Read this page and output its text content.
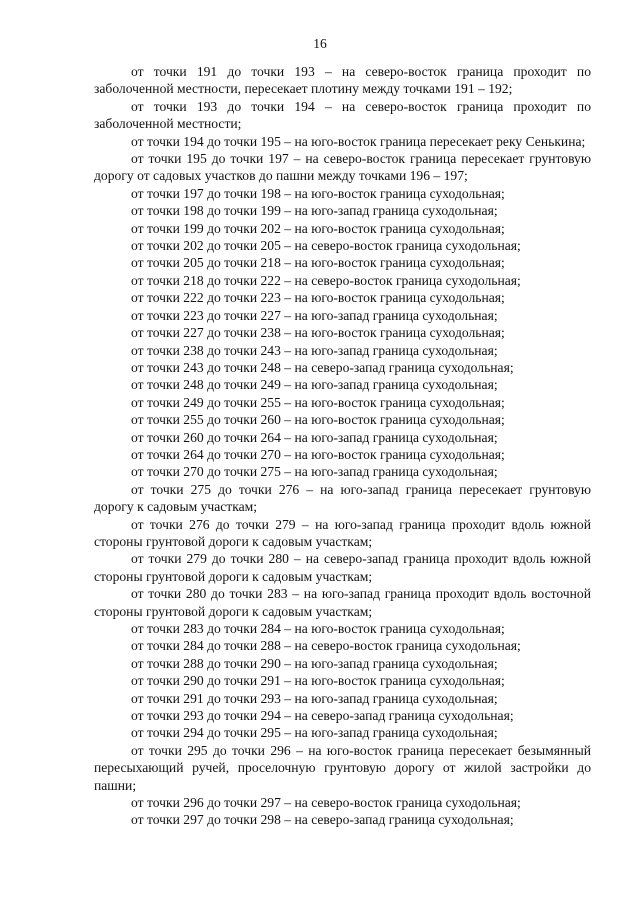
16

от точки 191 до точки 193 – на северо-восток граница проходит по заболоченной местности, пересекает плотину между точками 191 – 192;

от точки 193 до точки 194 – на северо-восток граница проходит по заболоченной местности;

от точки 194 до точки 195 – на юго-восток граница пересекает реку Сенькина;

от точки 195 до точки 197 – на северо-восток граница пересекает грунтовую дорогу от садовых участков до пашни между точками 196 – 197;

от точки 197 до точки 198 – на юго-восток граница суходольная;

от точки 198 до точки 199 – на юго-запад граница суходольная;

от точки 199 до точки 202 – на юго-восток граница суходольная;

от точки 202 до точки 205 – на северо-восток граница суходольная;

от точки 205 до точки 218 – на юго-восток граница суходольная;

от точки 218 до точки 222 – на северо-восток граница суходольная;

от точки 222 до точки 223 – на юго-восток граница суходольная;

от точки 223 до точки 227 – на юго-запад граница суходольная;

от точки 227 до точки 238 – на юго-восток граница суходольная;

от точки 238 до точки 243 – на юго-запад граница суходольная;

от точки 243 до точки 248 – на северо-запад граница суходольная;

от точки 248 до точки 249 – на юго-запад граница суходольная;

от точки 249 до точки 255 – на юго-восток граница суходольная;

от точки 255 до точки 260 – на юго-восток граница суходольная;

от точки 260 до точки 264 – на юго-запад граница суходольная;

от точки 264 до точки 270 – на юго-восток граница суходольная;

от точки 270 до точки 275 – на юго-запад граница суходольная;

от точки 275 до точки 276 – на юго-запад граница пересекает грунтовую дорогу к садовым участкам;

от точки 276 до точки 279 – на юго-запад граница проходит вдоль южной стороны грунтовой дороги к садовым участкам;

от точки 279 до точки 280 – на северо-запад граница проходит вдоль южной стороны грунтовой дороги к садовым участкам;

от точки 280 до точки 283 – на юго-запад граница проходит вдоль восточной стороны грунтовой дороги к садовым участкам;

от точки 283 до точки 284 – на юго-восток граница суходольная;

от точки 284 до точки 288 – на северо-восток граница суходольная;

от точки 288 до точки 290 – на юго-запад граница суходольная;

от точки 290 до точки 291 – на юго-восток граница суходольная;

от точки 291 до точки 293 – на юго-запад граница суходольная;

от точки 293 до точки 294 – на северо-запад граница суходольная;

от точки 294 до точки 295 – на юго-запад граница суходольная;

от точки 295 до точки 296 – на юго-восток граница пересекает безымянный пересыхающий ручей, проселочную грунтовую дорогу от жилой застройки до пашни;

от точки 296 до точки 297 – на северо-восток граница суходольная;

от точки 297 до точки 298 – на северо-запад граница суходольная;
